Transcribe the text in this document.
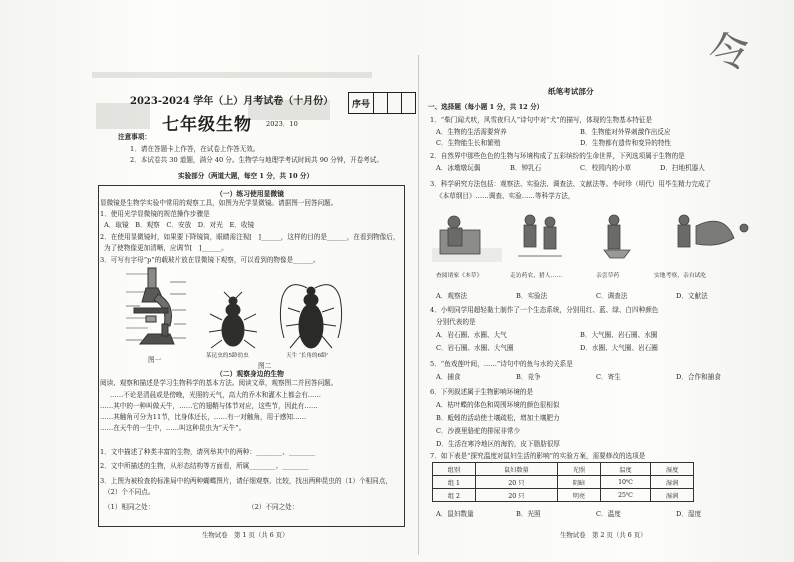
令
2023-2024 学年（上）月考试卷（十月份）	序号
七年级生物 2023．10
注意事项：
1．请在答题卡上作答，在试卷上作答无效。
2．本试卷共 30 道题，满分 40 分。生物学与地理学考试时间共 90 分钟，开卷考试。
实验部分（两道大题，每空 1 分，共 10 分）
（一）练习使用显微镜
显微镜是生物学实验中常用的观察工具，如图为光学显微镜。请据图一回答问题。
1．使用光学显微镜的规范操作步骤是
A．取镜　B．观察　C．安放　D．对光　E．收镜
2．在使用显微镜时，如果要下降镜筒，眼睛需注视[　]______，这样的目的是______，在看到物像后，
为了使物像更加清晰，应调节[　]______。
3．可写有字母“p”的载玻片放在显微镜下观察，可以看到的物像是______。
图一	某昆虫的5龄幼虫	天牛 ‘长角的6龄’
图二
（二）观察身边的生物
阅读、观察和描述是学习生物科学的基本方法。阅读文章，观察图二并回答问题。
……不论是清晨或是傍晚，光照的天气，高大的乔木和灌木上都会有……
……其中的一种叫做天牛，……它的翅鞘与体节对应，这些节，因此有……
……其触角可分为11节，比身体还长，……有一对触角，用于感知……
……在天牛的一生中，……叫这种昆虫为“天牛”。
1．文中描述了种类丰富的生物，请列举其中的两种：________、________
2．文中所描述的生物，从形态结构等方面看，所属________、________
3．上图为被检查的标准局中的两种蝴蝶图片，请仔细观察、比较，找出两种昆虫的（1）个相同点，
（2）个不同点。
（1）相同之处：	（2）不同之处：
生物试卷　第 1 页（共 6 页）
纸笔考试部分
一、选择题（每小题 1 分，共 12 分）
1．“柴门闻犬吠，风雪夜归人”诗句中对“犬”的描写，体现的生物基本特征是
A．生物的生活需要营养	B．生物能对外界刺激作出反应
C．生物能生长和繁殖	D．生物都有遗传和变异的特性
2．自然界中那些色色的生物与环境构成了五彩缤纷的生命世界，下列选项属于生物的是
A．冰墩墩玩偶	B．钟乳石	C．校园内的小草	D．扫地机器人
3．科学研究方法包括：观察法、实验法、调查法、文献法等。李时珍（明代）用毕生精力完成了
《本草纲目》……调查、实验……等科学方法，
查阅诸家《本草》	走访药农、猎人……	亲尝草药	实地考察，亲自试吃
A．观察法	B．实验法	C．调查法	D．文献法
4．小明同学用超轻黏土制作了一个生态系统，分别用红、蓝、绿、白四种颜色
分别代表的是
A．岩石圈、水圈、大气	B．大气圈、岩石圈、水圈
C．岩石圈、水圈、大气圈	D．水圈、大气圈、岩石圈
5．“鱼戏莲叶间，……”诗句中的鱼与水的关系是
A．捕食	B．竞争	C．寄生	D．合作和捕食
6．下列叙述属于生物影响环境的是
A．枯叶蝶的体色和周围环境的颜色很相似
B．蚯蚓的活动使土壤疏松，增加土壤肥力
C．沙漠里骆驼的排尿非常少
D．生活在寒冷地区的海豹，皮下脂肪很厚
7．如下表是“探究温度对鼠妇生活的影响”的实验方案，需要修改的选项是
组别	鼠妇数量	光照	温度	湿度
组 1	20 只	阴暗	10℃	湿润
组 2	20 只	明亮	25℃	湿润
A．鼠妇数量	B．光照	C．温度	D．湿度
生物试卷　第 2 页（共 6 页）
